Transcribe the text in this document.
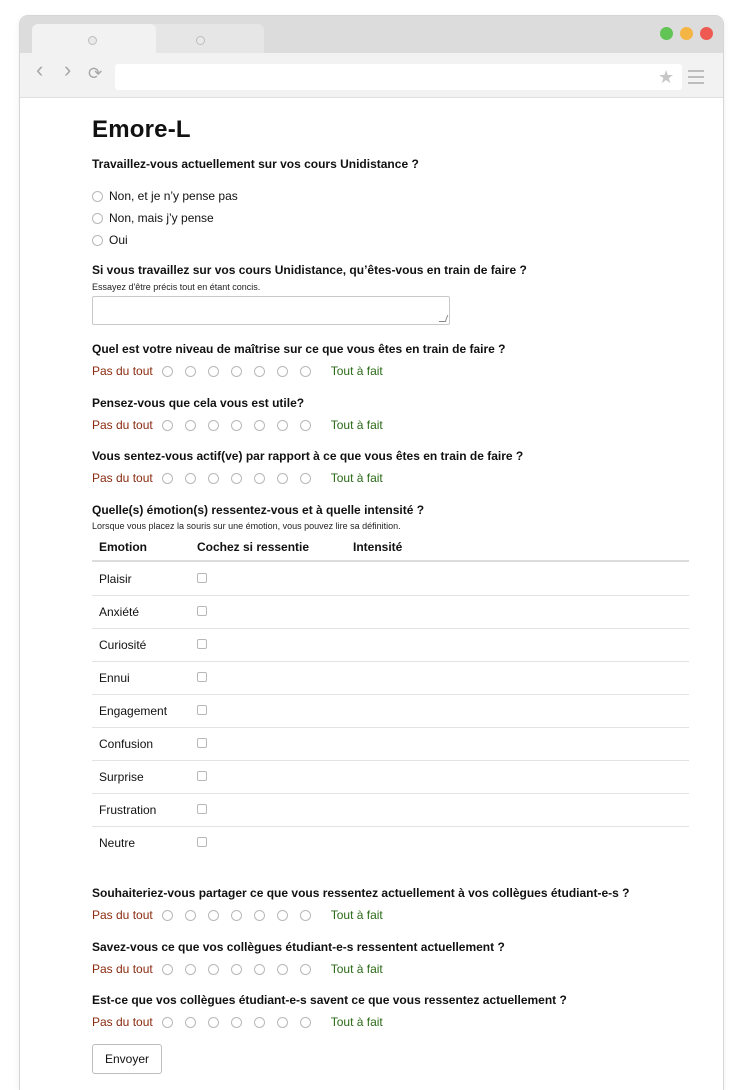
‹ › ⟳	★
Emore-L
Travaillez-vous actuellement sur vos cours Unidistance ?
Non, et je n’y pense pas
Non, mais j’y pense
Oui
Si vous travaillez sur vos cours Unidistance, qu’êtes-vous en train de faire ?
Essayez d'être précis tout en étant concis.
Quel est votre niveau de maîtrise sur ce que vous êtes en train de faire ?
Pas du tout	Tout à fait
Pensez-vous que cela vous est utile?
Pas du tout	Tout à fait
Vous sentez-vous actif(ve) par rapport à ce que vous êtes en train de faire ?
Pas du tout	Tout à fait
Quelle(s) émotion(s) ressentez-vous et à quelle intensité ?
Lorsque vous placez la souris sur une émotion, vous pouvez lire sa définition.
Emotion	Cochez si ressentie	Intensité
Plaisir
Anxiété
Curiosité
Ennui
Engagement
Confusion
Surprise
Frustration
Neutre
Souhaiteriez-vous partager ce que vous ressentez actuellement à vos collègues étudiant-e-s ?
Pas du tout	Tout à fait
Savez-vous ce que vos collègues étudiant-e-s ressentent actuellement ?
Pas du tout	Tout à fait
Est-ce que vos collègues étudiant-e-s savent ce que vous ressentez actuellement ?
Pas du tout	Tout à fait
Envoyer
